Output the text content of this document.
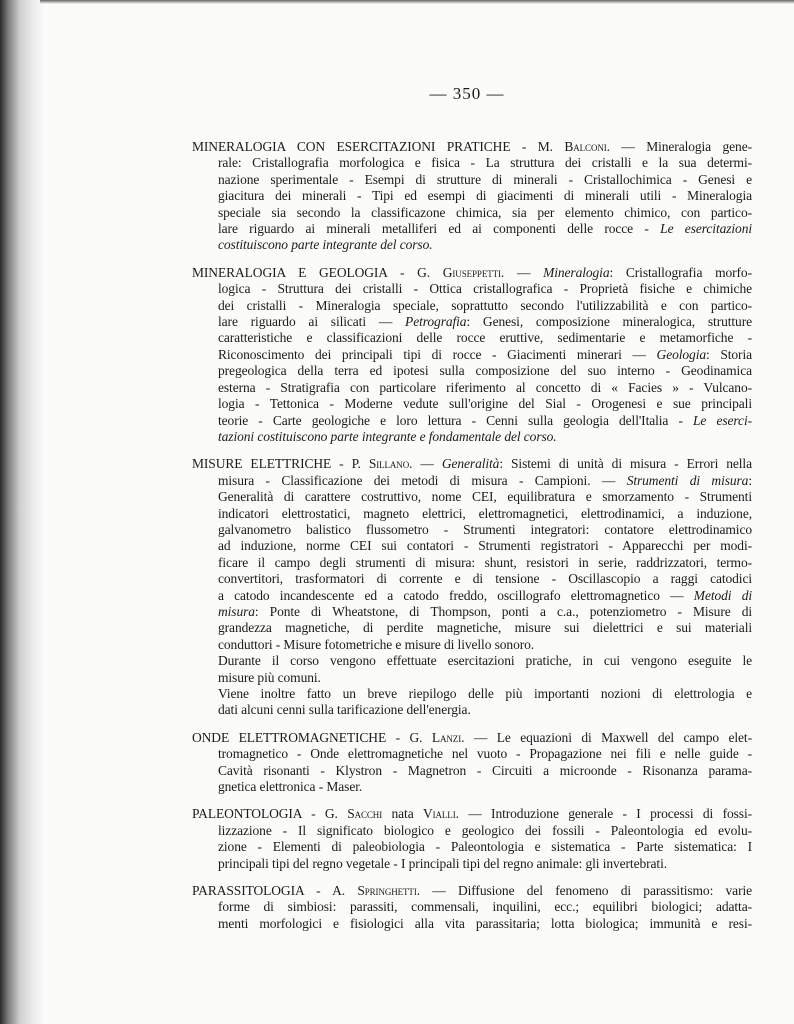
— 350 —
MINERALOGIA CON ESERCITAZIONI PRATICHE - M. Balconi. — Mineralogia gene-
rale: Cristallografia morfologica e fisica - La struttura dei cristalli e la sua determi-
nazione sperimentale - Esempi di strutture di minerali - Cristallochimica - Genesi e
giacitura dei minerali - Tipi ed esempi di giacimenti di minerali utili - Mineralogia
speciale sia secondo la classificazone chimica, sia per elemento chimico, con partico-
lare riguardo ai minerali metalliferi ed ai componenti delle rocce - Le esercitazioni
costituiscono parte integrante del corso.
MINERALOGIA E GEOLOGIA - G. Giuseppetti. — Mineralogia: Cristallografia morfo-
logica - Struttura dei cristalli - Ottica cristallografica - Proprietà fisiche e chimiche
dei cristalli - Mineralogia speciale, soprattutto secondo l'utilizzabilità e con partico-
lare riguardo ai silicati — Petrografia: Genesi, composizione mineralogica, strutture
caratteristiche e classificazioni delle rocce eruttive, sedimentarie e metamorfiche -
Riconoscimento dei principali tipi di rocce - Giacimenti minerari — Geologia: Storia
pregeologica della terra ed ipotesi sulla composizione del suo interno - Geodinamica
esterna - Stratigrafia con particolare riferimento al concetto di « Facies » - Vulcano-
logia - Tettonica - Moderne vedute sull'origine del Sial - Orogenesi e sue principali
teorie - Carte geologiche e loro lettura - Cenni sulla geologia dell'Italia - Le eserci-
tazioni costituiscono parte integrante e fondamentale del corso.
MISURE ELETTRICHE - P. Sillano. — Generalità: Sistemi di unità di misura - Errori nella
misura - Classificazione dei metodi di misura - Campioni. — Strumenti di misura:
Generalità di carattere costruttivo, nome CEI, equilibratura e smorzamento - Strumenti
indicatori elettrostatici, magneto elettrici, elettromagnetici, elettrodinamici, a induzione,
galvanometro balistico flussometro - Strumenti integratori: contatore elettrodinamico
ad induzione, norme CEI sui contatori - Strumenti registratori - Apparecchi per modi-
ficare il campo degli strumenti di misura: shunt, resistori in serie, raddrizzatori, termo-
convertitori, trasformatori di corrente e di tensione - Oscillascopio a raggi catodici
a catodo incandescente ed a catodo freddo, oscillografo elettromagnetico — Metodi di
misura: Ponte di Wheatstone, di Thompson, ponti a c.a., potenziometro - Misure di
grandezza magnetiche, di perdite magnetiche, misure sui dielettrici e sui materiali
conduttori - Misure fotometriche e misure di livello sonoro.
Durante il corso vengono effettuate esercitazioni pratiche, in cui vengono eseguite le
misure più comuni.
Viene inoltre fatto un breve riepilogo delle più importanti nozioni di elettrologia e
dati alcuni cenni sulla tarificazione dell'energia.
ONDE ELETTROMAGNETICHE - G. Lanzi. — Le equazioni di Maxwell del campo elet-
tromagnetico - Onde elettromagnetiche nel vuoto - Propagazione nei fili e nelle guide -
Cavità risonanti - Klystron - Magnetron - Circuiti a microonde - Risonanza parama-
gnetica elettronica - Maser.
PALEONTOLOGIA - G. Sacchi nata Vialli. — Introduzione generale - I processi di fossi-
lizzazione - Il significato biologico e geologico dei fossili - Paleontologia ed evolu-
zione - Elementi di paleobiologia - Paleontologia e sistematica - Parte sistematica: I
principali tipi del regno vegetale - I principali tipi del regno animale: gli invertebrati.
PARASSITOLOGIA - A. Springhetti. — Diffusione del fenomeno di parassitismo: varie
forme di simbiosi: parassiti, commensali, inquilini, ecc.; equilibri biologici; adatta-
menti morfologici e fisiologici alla vita parassitaria; lotta biologica; immunità e resi-
